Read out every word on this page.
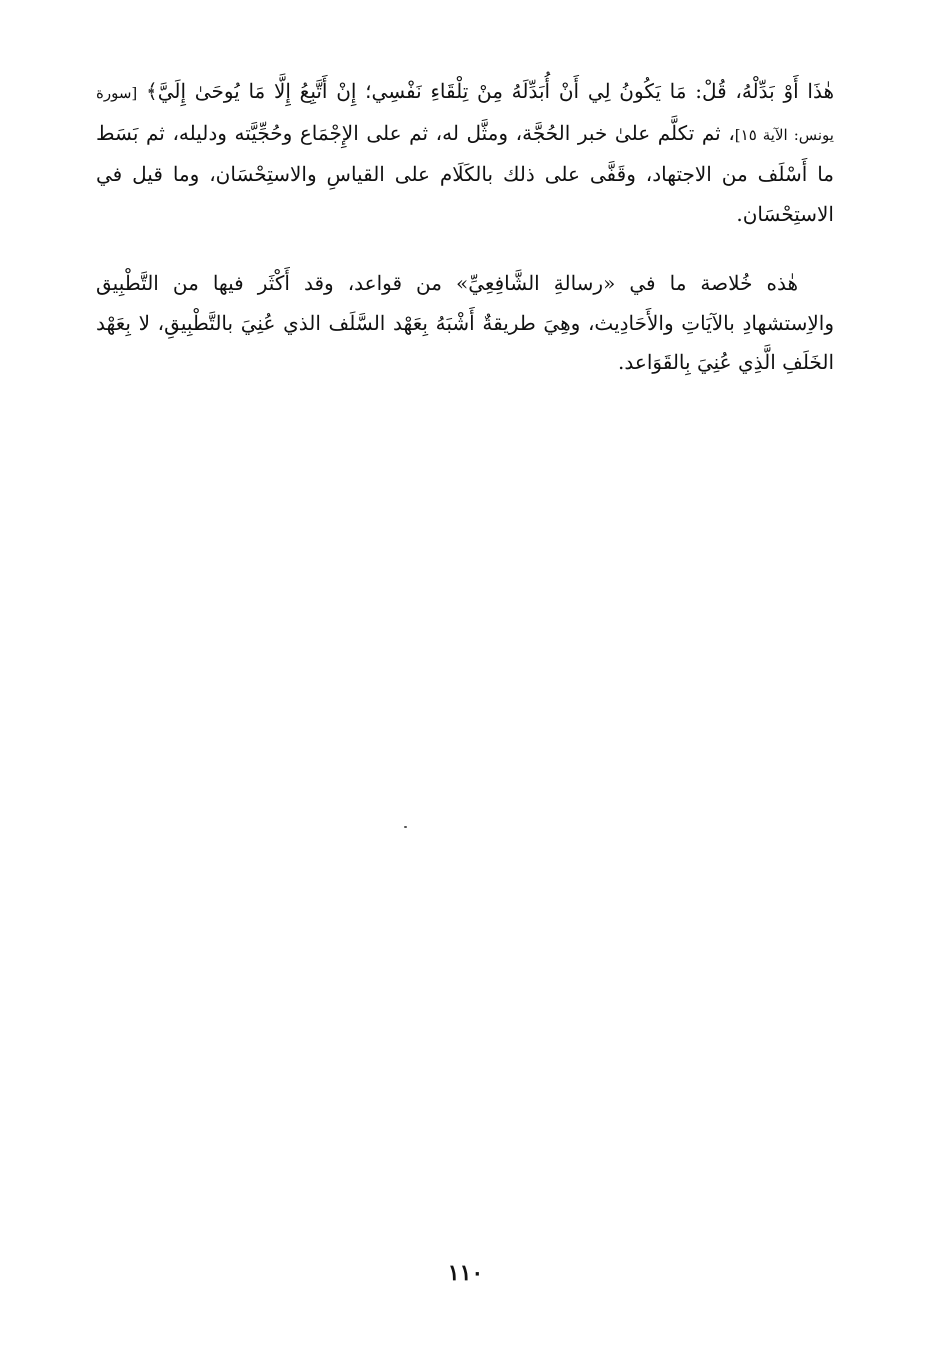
هٰذَا أَوْ بَدِّلْهُ، قُلْ: مَا يَكُونُ لِي أَنْ أُبَدِّلَهُ مِنْ تِلْقَاءِ نَفْسِي؛ إِنْ أَتَّبِعُ إِلَّا مَا يُوحَىٰ إِلَيَّ﴾ [سورة يونس: الآية ١٥]، ثم تكلَّم علىٰ خبر الحُجَّة، ومثَّل له، ثم على الإِجْمَاع وحُجِّيَّته ودليله، ثم بَسَط ما أَسْلَف من الاجتهاد، وقَفَّى على ذلك بالكَلَام على القياسِ والاستِحْسَان، وما قيل في الاستِحْسَان.

هٰذه خُلاصة ما في «رسالةِ الشَّافِعِيِّ» من قواعد، وقد أَكْثَر فيها من التَّطْبِيق والاِستشهادِ بالآيَاتِ والأَحَادِيث، وهِيَ طريقةٌ أَشْبَهُ بِعَهْد السَّلَف الذي عُنِيَ بالتَّطْبِيقِ، لا بِعَهْد الخَلَفِ الَّذِي عُنِيَ بِالقَوَاعد.

١١٠
